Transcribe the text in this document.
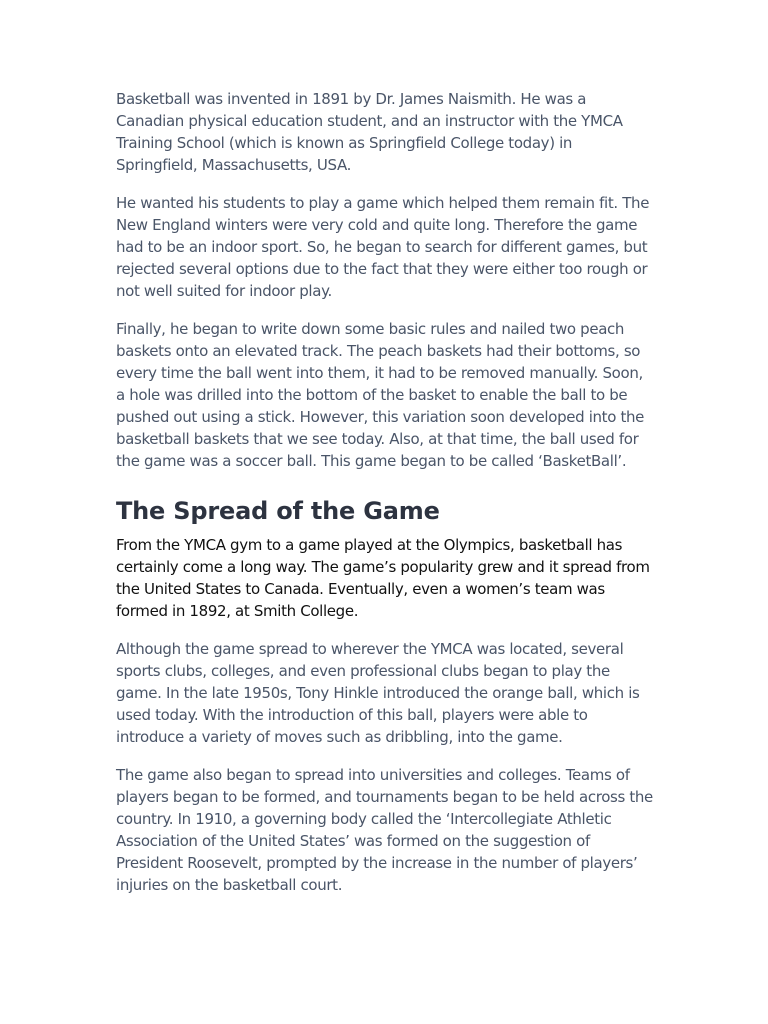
Basketball was invented in 1891 by Dr. James Naismith. He was a Canadian physical education student, and an instructor with the YMCA Training School (which is known as Springfield College today) in Springfield, Massachusetts, USA.

He wanted his students to play a game which helped them remain fit. The New England winters were very cold and quite long. Therefore the game had to be an indoor sport. So, he began to search for different games, but rejected several options due to the fact that they were either too rough or not well suited for indoor play.

Finally, he began to write down some basic rules and nailed two peach baskets onto an elevated track. The peach baskets had their bottoms, so every time the ball went into them, it had to be removed manually. Soon, a hole was drilled into the bottom of the basket to enable the ball to be pushed out using a stick. However, this variation soon developed into the basketball baskets that we see today. Also, at that time, the ball used for the game was a soccer ball. This game began to be called ‘BasketBall’.

The Spread of the Game

From the YMCA gym to a game played at the Olympics, basketball has certainly come a long way. The game’s popularity grew and it spread from the United States to Canada. Eventually, even a women’s team was formed in 1892, at Smith College.

Although the game spread to wherever the YMCA was located, several sports clubs, colleges, and even professional clubs began to play the game. In the late 1950s, Tony Hinkle introduced the orange ball, which is used today. With the introduction of this ball, players were able to introduce a variety of moves such as dribbling, into the game.

The game also began to spread into universities and colleges. Teams of players began to be formed, and tournaments began to be held across the country. In 1910, a governing body called the ‘Intercollegiate Athletic Association of the United States’ was formed on the suggestion of President Roosevelt, prompted by the increase in the number of players’ injuries on the basketball court.
